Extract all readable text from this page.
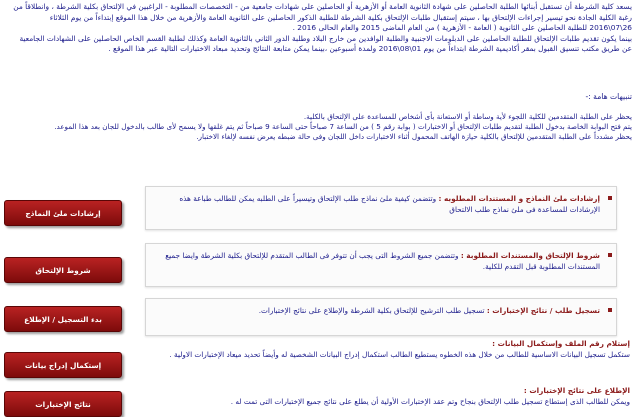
يسعد كلية الشرطة أن تستقبل أبنائها الطلبة الحاصلين على شهادة الثانوية العامة أو الأزهرية أو الحاصلين على شهادات جامعية من - التخصصات المطلوبة - الراغبين في الإلتحاق بكلية الشرطة ، وانطلاقاً من رغبة الكلية الجادة نحو تيسير إجراءات الإلتحاق بها ، سيتم إستقبال طلبات الإلتحاق بكلية الشرطة للطلبة الذكور الحاصلين على الثانوية العامة والأزهرية من خلال هذا الموقع إبتداءاً من يوم الثلاثاء 26\07\2016 للطلبة الحاصلين على الثانوية ( العامة - الأزهرية ) من العام الماضى 2015 والعام الحالى 2016 .

بينما يكون تقديم طلبات الإلتحاق للطلبة الحاصلين على الدبلومات الاجنبية والطلبة الوافدين من خارج البلاد وطلبة الدور الثاني بالثانوية العامة وكذلك لطلبة القسم الخاص الحاصلين على الشهادات الجامعية عن طريق مكتب تنسيق القبول بمقر أكاديمية الشرطة ابتداءاً من يوم 01\08\2016 ولمدة أسبوعين ،بينما يمكن متابعة النتائج وتحديد مبعاد الاختبارات التالية عبر هذا الموقع .

تنبيهات هامة :-

يحظر على الطلبة المتقدمين للكلية اللجوء لأية وساطة أو الاستعانة بأى أشخاص للمساعدة على الإلتحاق بالكلية.

يتم فتح البوابة الخاصة بدخول الطلبة لتقديم طلبات الإلتحاق أو الاختبارات ( بوابة رقم 5 ) من الساعة 7 صباحاً حتى الساعة 9 صباحاً ثم يتم غلقها ولا يسمح لأى طالب بالدخول للجان بعد هذا الموعد.

يحظر مشدداً على الطلبة المتقدمين للإلتحاق بالكلية حيازة الهاتف المحمول أثناء الاختبارات داخل اللجان وفى حالة ضبطه يعرض نفسه لإلغاء الاختبار.

إرشادات ملئ النماذج
إرشادات ملئ النماذج و المستندات المطلوبه : وتتضمن كيفية ملئ نماذج طلب الإلتحاق وتيسيراً على الطلبه يمكن للطالب طباعة هذه الإرشادات للمساعدة فى ملئ نماذج طلب الالتحاق
شروط الإلتحاق
شروط الإلتحاق والمستندات المطلوبة : وتتضمن جميع الشروط التى يجب أن تتوفر فى الطالب المتقدم للإلتحاق بكلية الشرطة وايضا جميع المستندات المطلوبة قبل التقدم للكلية.
بدء التسجيل / الإطلاع
تسجيل طلب / نتائج الإختبارات : تسجيل طلب الترشيح للإلتحاق بكلية الشرطة والإطلاع على نتائج الإختبارات.
إستكمال إدراج بيانات
إستلام رقم الملف وإستكمال البيانات :
ستكمل تسجيل البيانات الاساسية للطالب من خلال هذه الخطوه يستطيع الطالب استكمال إدراج البيانات الشخصية له وأيضاً تحديد ميعاد الإختبارات الاولية .
نتائج الإختبارات
الإطلاع على نتائج الإختبارات :
ويمكن للطالب الذى إستطاع تسجيل طلب الإلتحاق بنجاح وتم عقد الإختبارات الأولية أن يطلع على نتائج جميع الإختبارات التى تمت له .
